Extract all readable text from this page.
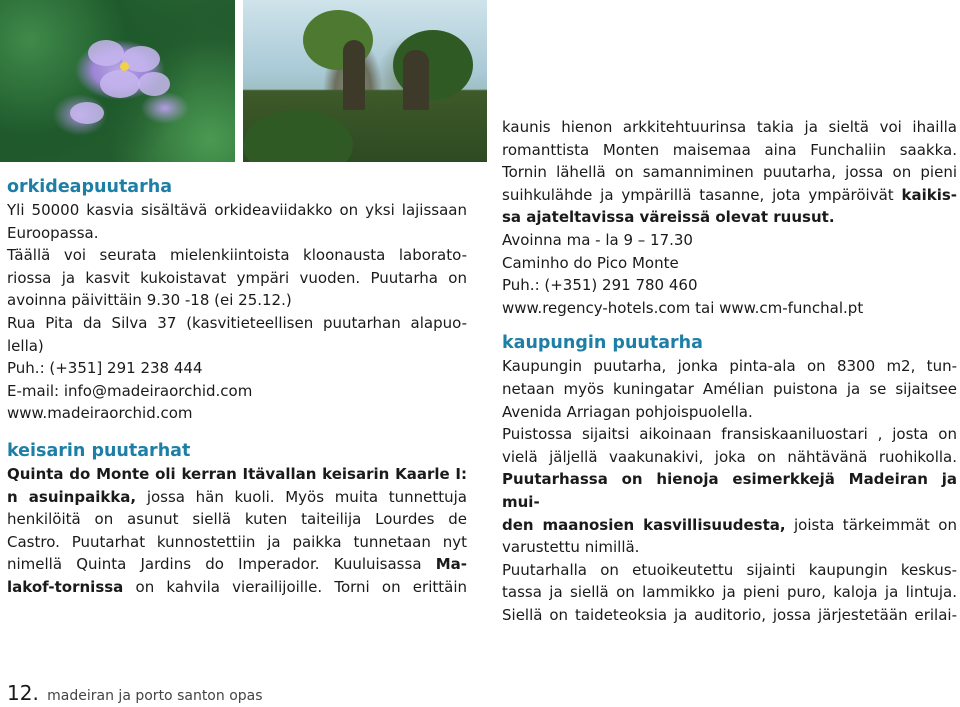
orkideapuutarha

Yli 50000 kasvia sisältävä orkideaviidakko on yksi lajissaan

Euroopassa.

Täällä voi seurata mielenkiintoista kloonausta laborato-

riossa ja kasvit kukoistavat ympäri vuoden. Puutarha on

avoinna päivittäin 9.30 -18 (ei 25.12.)

Rua Pita da Silva 37 (kasvitieteellisen puutarhan alapuo-

lella)

Puh.: (+351] 291 238 444

E-mail: info@madeiraorchid.com

www.madeiraorchid.com

keisarin puutarhat

Quinta do Monte oli kerran Itävallan keisarin Kaarle I:

n asuinpaikka, jossa hän kuoli. Myös muita tunnettuja

henkilöitä on asunut siellä kuten taiteilija Lourdes de

Castro. Puutarhat kunnostettiin ja paikka tunnetaan nyt

nimellä Quinta Jardins do Imperador. Kuuluisassa Ma-

lakof-tornissa on kahvila vierailijoille. Torni on erittäin

kaunis hienon arkkitehtuurinsa takia ja sieltä voi ihailla

romanttista Monten maisemaa aina Funchaliin saakka.

Tornin lähellä on samanniminen puutarha, jossa on pieni

suihkulähde ja ympärillä tasanne, jota ympäröivät kaikis-

sa ajateltavissa väreissä olevat ruusut.

Avoinna ma - la 9 – 17.30

Caminho do Pico Monte

Puh.: (+351) 291 780 460

www.regency-hotels.com tai www.cm-funchal.pt

kaupungin puutarha

Kaupungin puutarha, jonka pinta-ala on 8300 m2, tun-

netaan myös kuningatar Amélian puistona ja se sijaitsee

Avenida Arriagan pohjoispuolella.

Puistossa sijaitsi aikoinaan fransiskaaniluostari , josta on

vielä jäljellä vaakunakivi, joka on nähtävänä ruohikolla.

Puutarhassa on hienoja esimerkkejä Madeiran ja mui-

den maanosien kasvillisuudesta, joista tärkeimmät on

varustettu nimillä.

Puutarhalla on etuoikeutettu sijainti kaupungin keskus-

tassa ja siellä on lammikko ja pieni puro, kaloja ja lintuja.

Siellä on taideteoksia ja auditorio, jossa järjestetään erilai-

12. madeiran ja porto santon opas
